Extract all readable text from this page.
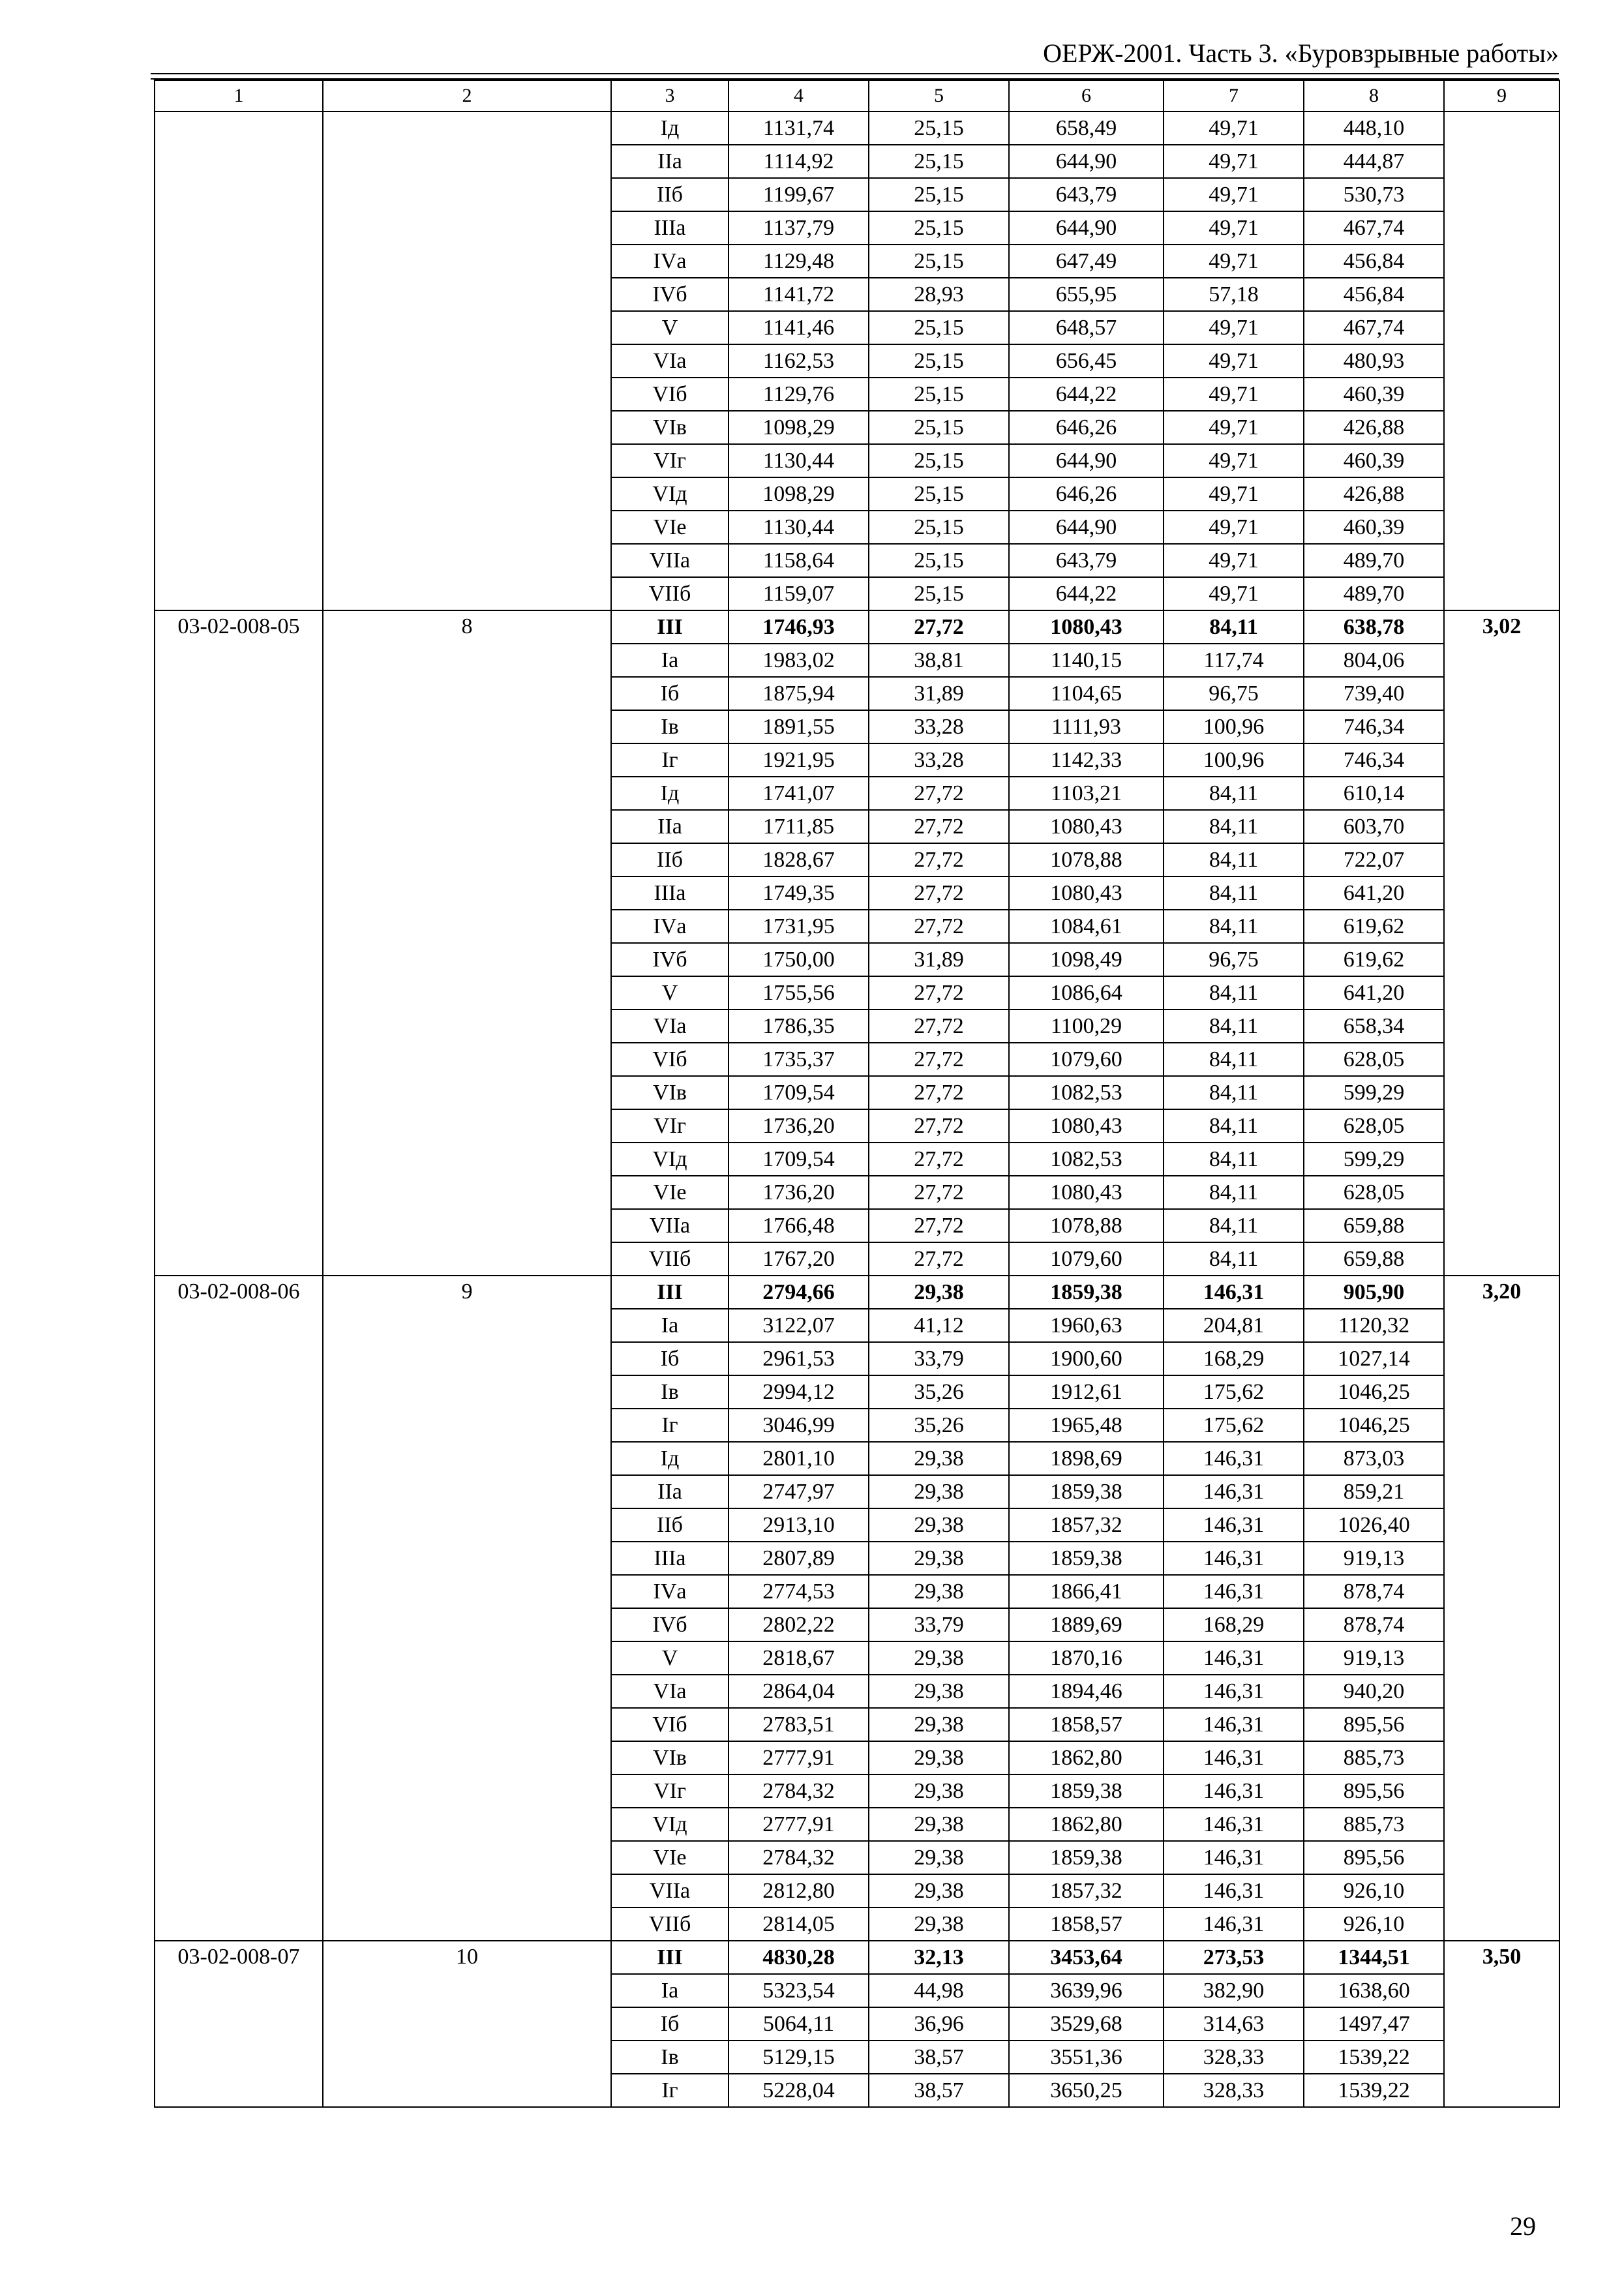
ОЕРЖ-2001. Часть 3. «Буровзрывные работы»
1	2	3	4	5	6	7	8	9
		Iд	1131,74	25,15	658,49	49,71	448,10	
		IIа	1114,92	25,15	644,90	49,71	444,87	
		IIб	1199,67	25,15	643,79	49,71	530,73	
		IIIа	1137,79	25,15	644,90	49,71	467,74	
		IVа	1129,48	25,15	647,49	49,71	456,84	
		IVб	1141,72	28,93	655,95	57,18	456,84	
		V	1141,46	25,15	648,57	49,71	467,74	
		VIа	1162,53	25,15	656,45	49,71	480,93	
		VIб	1129,76	25,15	644,22	49,71	460,39	
		VIв	1098,29	25,15	646,26	49,71	426,88	
		VIг	1130,44	25,15	644,90	49,71	460,39	
		VIд	1098,29	25,15	646,26	49,71	426,88	
		VIе	1130,44	25,15	644,90	49,71	460,39	
		VIIа	1158,64	25,15	643,79	49,71	489,70	
		VIIб	1159,07	25,15	644,22	49,71	489,70	
03-02-008-05	8	III	1746,93	27,72	1080,43	84,11	638,78	3,02
		Iа	1983,02	38,81	1140,15	117,74	804,06	
		Iб	1875,94	31,89	1104,65	96,75	739,40	
		Iв	1891,55	33,28	1111,93	100,96	746,34	
		Iг	1921,95	33,28	1142,33	100,96	746,34	
		Iд	1741,07	27,72	1103,21	84,11	610,14	
		IIа	1711,85	27,72	1080,43	84,11	603,70	
		IIб	1828,67	27,72	1078,88	84,11	722,07	
		IIIа	1749,35	27,72	1080,43	84,11	641,20	
		IVа	1731,95	27,72	1084,61	84,11	619,62	
		IVб	1750,00	31,89	1098,49	96,75	619,62	
		V	1755,56	27,72	1086,64	84,11	641,20	
		VIа	1786,35	27,72	1100,29	84,11	658,34	
		VIб	1735,37	27,72	1079,60	84,11	628,05	
		VIв	1709,54	27,72	1082,53	84,11	599,29	
		VIг	1736,20	27,72	1080,43	84,11	628,05	
		VIд	1709,54	27,72	1082,53	84,11	599,29	
		VIе	1736,20	27,72	1080,43	84,11	628,05	
		VIIа	1766,48	27,72	1078,88	84,11	659,88	
		VIIб	1767,20	27,72	1079,60	84,11	659,88	
03-02-008-06	9	III	2794,66	29,38	1859,38	146,31	905,90	3,20
		Iа	3122,07	41,12	1960,63	204,81	1120,32	
		Iб	2961,53	33,79	1900,60	168,29	1027,14	
		Iв	2994,12	35,26	1912,61	175,62	1046,25	
		Iг	3046,99	35,26	1965,48	175,62	1046,25	
		Iд	2801,10	29,38	1898,69	146,31	873,03	
		IIа	2747,97	29,38	1859,38	146,31	859,21	
		IIб	2913,10	29,38	1857,32	146,31	1026,40	
		IIIа	2807,89	29,38	1859,38	146,31	919,13	
		IVа	2774,53	29,38	1866,41	146,31	878,74	
		IVб	2802,22	33,79	1889,69	168,29	878,74	
		V	2818,67	29,38	1870,16	146,31	919,13	
		VIа	2864,04	29,38	1894,46	146,31	940,20	
		VIб	2783,51	29,38	1858,57	146,31	895,56	
		VIв	2777,91	29,38	1862,80	146,31	885,73	
		VIг	2784,32	29,38	1859,38	146,31	895,56	
		VIд	2777,91	29,38	1862,80	146,31	885,73	
		VIе	2784,32	29,38	1859,38	146,31	895,56	
		VIIа	2812,80	29,38	1857,32	146,31	926,10	
		VIIб	2814,05	29,38	1858,57	146,31	926,10	
03-02-008-07	10	III	4830,28	32,13	3453,64	273,53	1344,51	3,50
		Iа	5323,54	44,98	3639,96	382,90	1638,60	
		Iб	5064,11	36,96	3529,68	314,63	1497,47	
		Iв	5129,15	38,57	3551,36	328,33	1539,22	
		Iг	5228,04	38,57	3650,25	328,33	1539,22	
29
